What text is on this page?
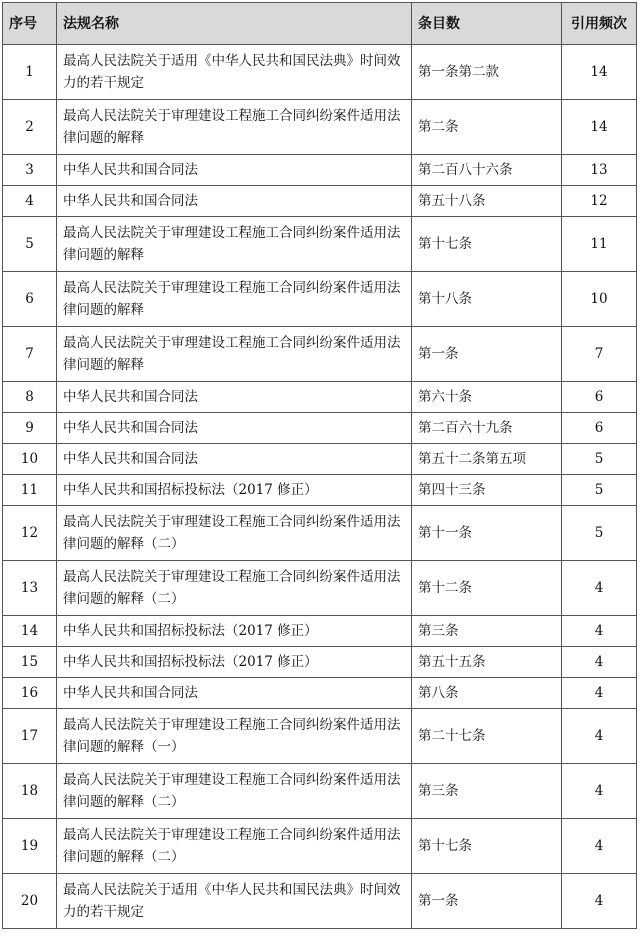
序号	法规名称	条目数	引用频次
1	最高人民法院关于适用《中华人民共和国民法典》时间效力的若干规定	第一条第二款	14
2	最高人民法院关于审理建设工程施工合同纠纷案件适用法律问题的解释	第二条	14
3	中华人民共和国合同法	第二百八十六条	13
4	中华人民共和国合同法	第五十八条	12
5	最高人民法院关于审理建设工程施工合同纠纷案件适用法律问题的解释	第十七条	11
6	最高人民法院关于审理建设工程施工合同纠纷案件适用法律问题的解释	第十八条	10
7	最高人民法院关于审理建设工程施工合同纠纷案件适用法律问题的解释	第一条	7
8	中华人民共和国合同法	第六十条	6
9	中华人民共和国合同法	第二百六十九条	6
10	中华人民共和国合同法	第五十二条第五项	5
11	中华人民共和国招标投标法（2017 修正）	第四十三条	5
12	最高人民法院关于审理建设工程施工合同纠纷案件适用法律问题的解释（二）	第十一条	5
13	最高人民法院关于审理建设工程施工合同纠纷案件适用法律问题的解释（二）	第十二条	4
14	中华人民共和国招标投标法（2017 修正）	第三条	4
15	中华人民共和国招标投标法（2017 修正）	第五十五条	4
16	中华人民共和国合同法	第八条	4
17	最高人民法院关于审理建设工程施工合同纠纷案件适用法律问题的解释（一）	第二十七条	4
18	最高人民法院关于审理建设工程施工合同纠纷案件适用法律问题的解释（二）	第三条	4
19	最高人民法院关于审理建设工程施工合同纠纷案件适用法律问题的解释（二）	第十七条	4
20	最高人民法院关于适用《中华人民共和国民法典》时间效力的若干规定	第一条	4
